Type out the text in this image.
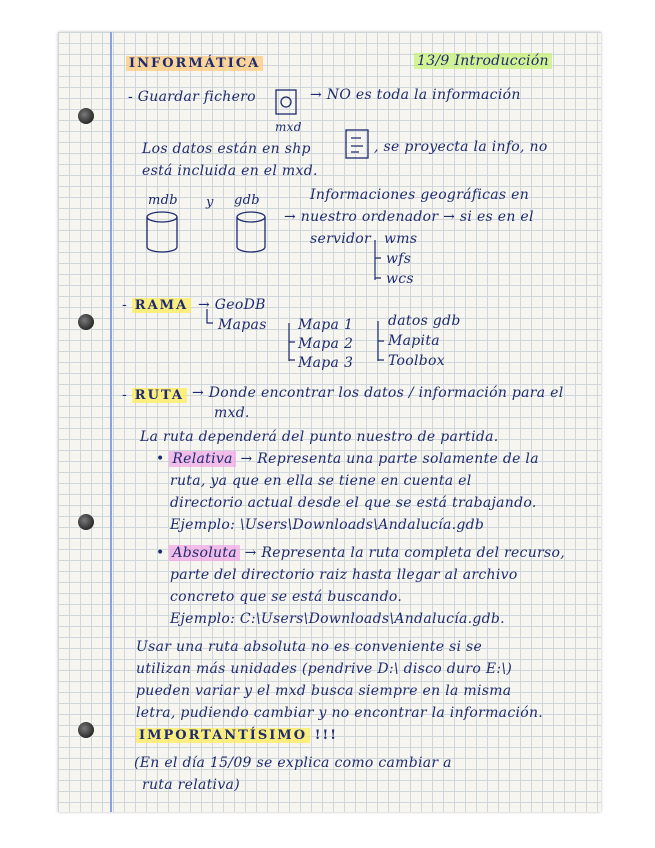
INFORMÁTICA	13/9 Introducción
- Guardar fichero
mxd
→ NO es toda la información
Los datos están en shp	, se proyecta la info, no
está incluida en el mxd.
mdb y gdb	Informaciones geográficas en
→ nuestro ordenador → si es en el
servidor wms
wfs
wcs
- RAMA → GeoDB
Mapas Mapa 1
Mapa 2
Mapa 3
datos gdb
Mapita
Toolbox
- RUTA → Donde encontrar los datos / información para el
mxd.
La ruta dependerá del punto nuestro de partida.
• Relativa → Representa una parte solamente de la
ruta, ya que en ella se tiene en cuenta el
directorio actual desde el que se está trabajando.
Ejemplo: \Users\Downloads\Andalucía.gdb
• Absoluta → Representa la ruta completa del recurso,
parte del directorio raiz hasta llegar al archivo
concreto que se está buscando.
Ejemplo: C:\Users\Downloads\Andalucía.gdb.
Usar una ruta absoluta no es conveniente si se
utilizan más unidades (pendrive D:\ disco duro E:\)
pueden variar y el mxd busca siempre en la misma
letra, pudiendo cambiar y no encontrar la información.
IMPORTANTÍSIMO !!!
(En el día 15/09 se explica como cambiar a
ruta relativa)
